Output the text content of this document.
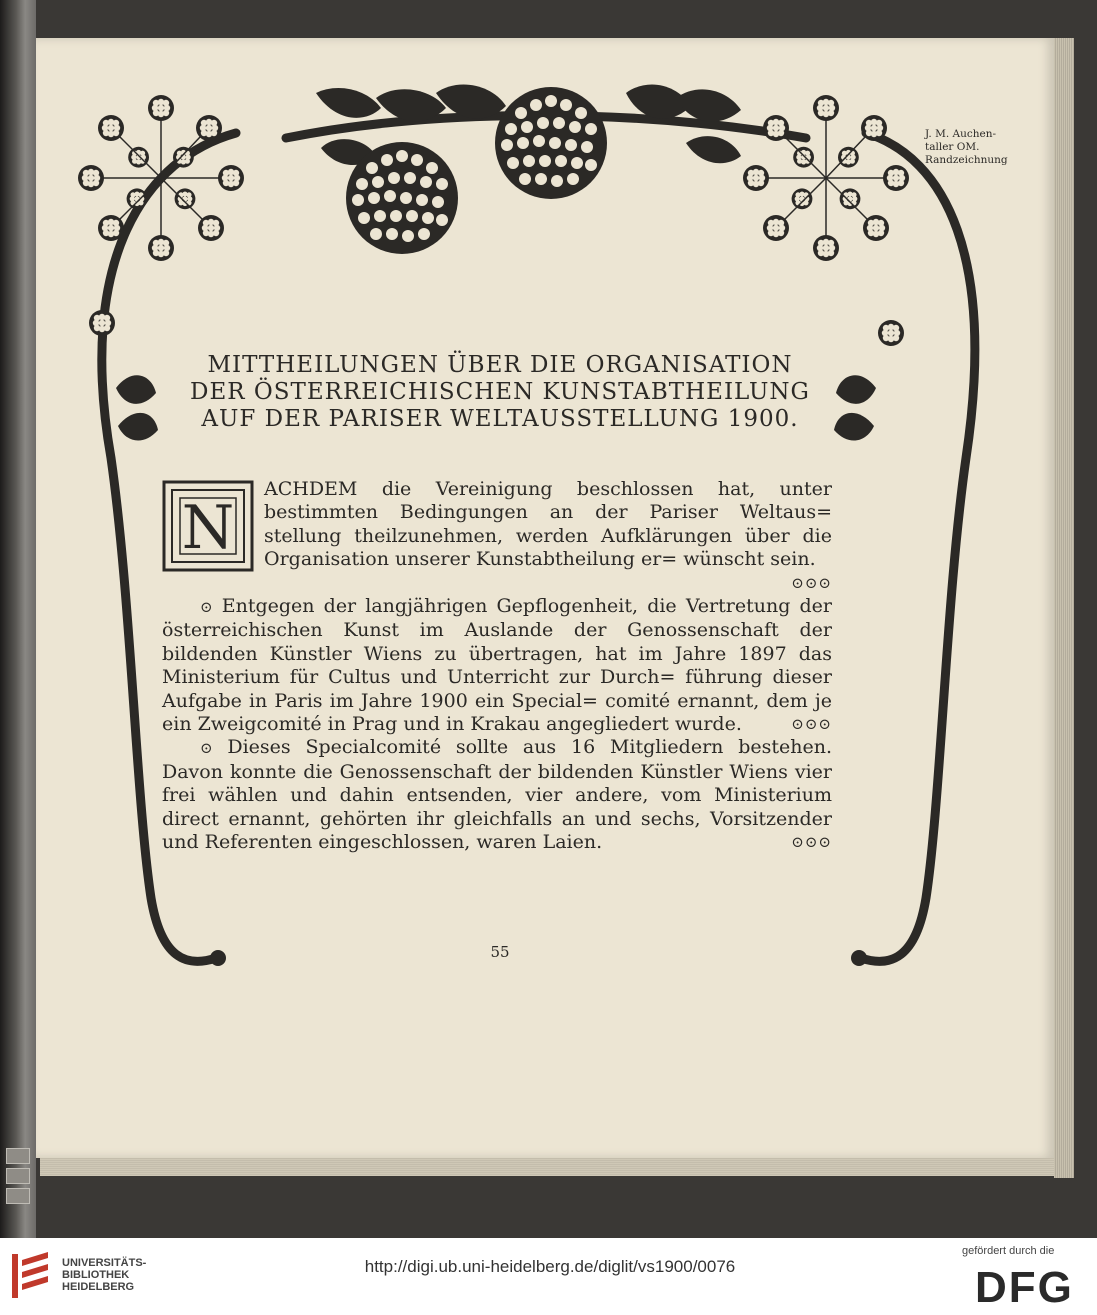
J. M. Auchen-
taller OM.
Randzeichnung
MITTHEILUNGEN ÜBER DIE ORGANISATION
DER ÖSTERREICHISCHEN KUNSTABTHEILUNG
AUF DER PARISER WELTAUSSTELLUNG 1900.

N
ACHDEM die Vereinigung beschlossen hat, unter bestimmten Bedingungen an der Pariser Weltaus= stellung theilzunehmen, werden Aufklärungen über die Organisation unserer Kunstabtheilung er= wünscht sein.
⊙⊙⊙

⊙ Entgegen der langjährigen Gepflogenheit, die Vertretung der österreichischen Kunst im Auslande der Genossenschaft der bildenden Künstler Wiens zu übertragen, hat im Jahre 1897 das Ministerium für Cultus und Unterricht zur Durch= führung dieser Aufgabe in Paris im Jahre 1900 ein Special= comité ernannt, dem je ein Zweigcomité in Prag und in Krakau angegliedert wurde.	⊙⊙⊙

⊙ Dieses Specialcomité sollte aus 16 Mitgliedern bestehen. Davon konnte die Genossenschaft der bildenden Künstler Wiens vier frei wählen und dahin entsenden, vier andere, vom Ministerium direct ernannt, gehörten ihr gleichfalls an und sechs, Vorsitzender und Referenten eingeschlossen, waren Laien.	⊙⊙⊙

55
UNIVERSITÄTS-
BIBLIOTHEK
HEIDELBERG
http://digi.ub.uni-heidelberg.de/diglit/vs1900/0076
gefördert durch die
DFG
